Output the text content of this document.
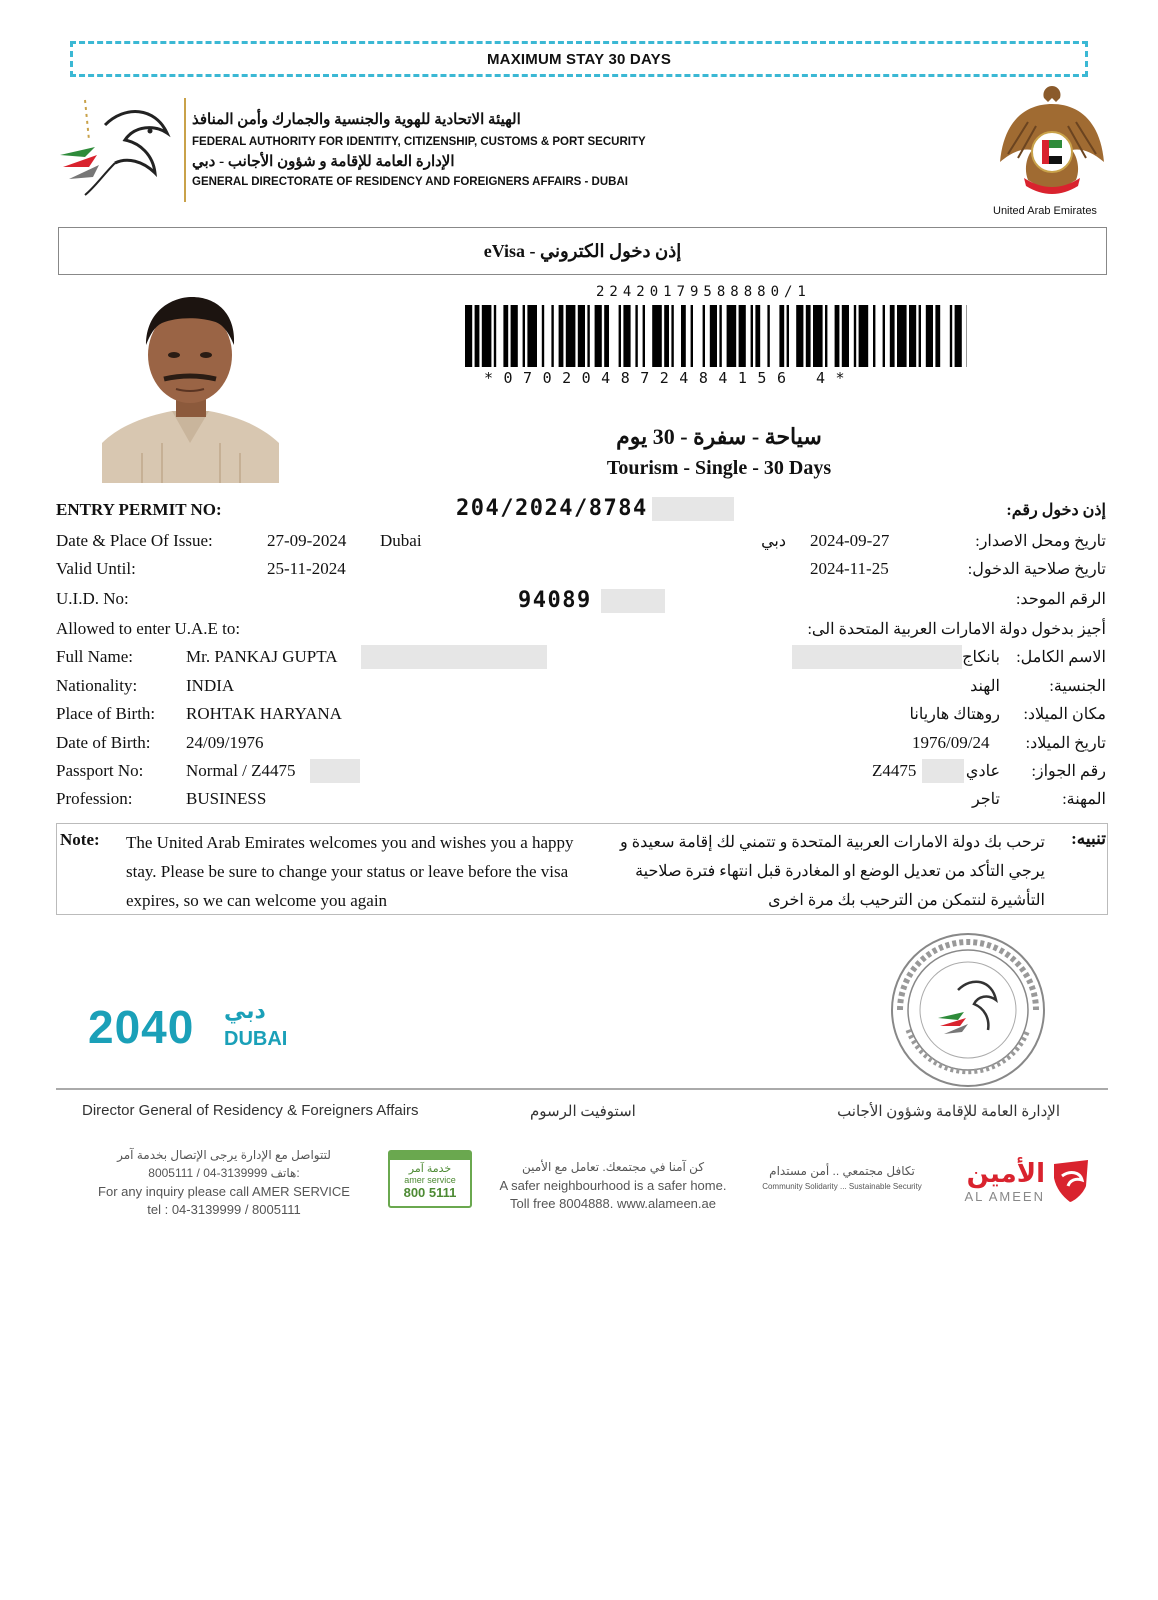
MAXIMUM STAY 30 DAYS
الهيئة الاتحادية للهوية والجنسية والجمارك وأمن المنافذ
FEDERAL AUTHORITY FOR IDENTITY, CITIZENSHIP, CUSTOMS & PORT SECURITY
الإدارة العامة للإقامة و شؤون الأجانب - دبي
GENERAL DIRECTORATE OF RESIDENCY AND FOREIGNERS AFFAIRS - DUBAI
United Arab Emirates
eVisa - إذن دخول الكتروني
22420179588880/1
*070204872484156 4*
سياحة - سفرة - 30 يوم
Tourism - Single - 30 Days
ENTRY PERMIT NO:	204/2024/8784	إذن دخول رقم:
Date & Place Of Issue:	27-09-2024 Dubai	دبي 2024-09-27	تاريخ ومحل الاصدار:
Valid Until:	25-11-2024	2024-11-25	تاريخ صلاحية الدخول:
U.I.D. No:	94089	الرقم الموحد:
Allowed to enter U.A.E to:	أجيز بدخول دولة الامارات العربية المتحدة الى:
Full Name:	Mr. PANKAJ GUPTA	بانكاج	الاسم الكامل:
Nationality:	INDIA	الهند	الجنسية:
Place of Birth: ROHTAK HARYANA	روهتاك هاريانا	مكان الميلاد:
Date of Birth: 24/09/1976	1976/09/24	تاريخ الميلاد:
Passport No:	Normal / Z4475	Z4475	عادي	رقم الجواز:
Profession:	BUSINESS	تاجر	المهنة:
Note: The United Arab Emirates welcomes you and wishes you a happy stay. Please be sure to change your status or leave before the visa expires, so we can welcome you again
ترحب بك دولة الامارات العربية المتحدة و تتمني لك إقامة سعيدة و يرجي التأكد من تعديل الوضع او المغادرة قبل انتهاء فترة صلاحية التأشيرة لنتمكن من الترحيب بك مرة اخرى
تنبيه:
2040 دبي
DUBAI
Director General of Residency & Foreigners Affairs	استوفيت الرسوم	الإدارة العامة للإقامة وشؤون الأجانب
لتتواصل مع الإدارة يرجى الإتصال بخدمة آمر
8005111 / 04-3139999 هاتف:
For any inquiry please call AMER SERVICE
tel : 04-3139999 / 8005111
خدمة آمر
amer service
800 5111
كن آمنا في مجتمعك. تعامل مع الأمين
A safer neighbourhood is a safer home.
Toll free 8004888. www.alameen.ae
تكافل مجتمعي .. أمن مستدام
Community Solidarity ... Sustainable Security	الأمين
AL AMEEN
